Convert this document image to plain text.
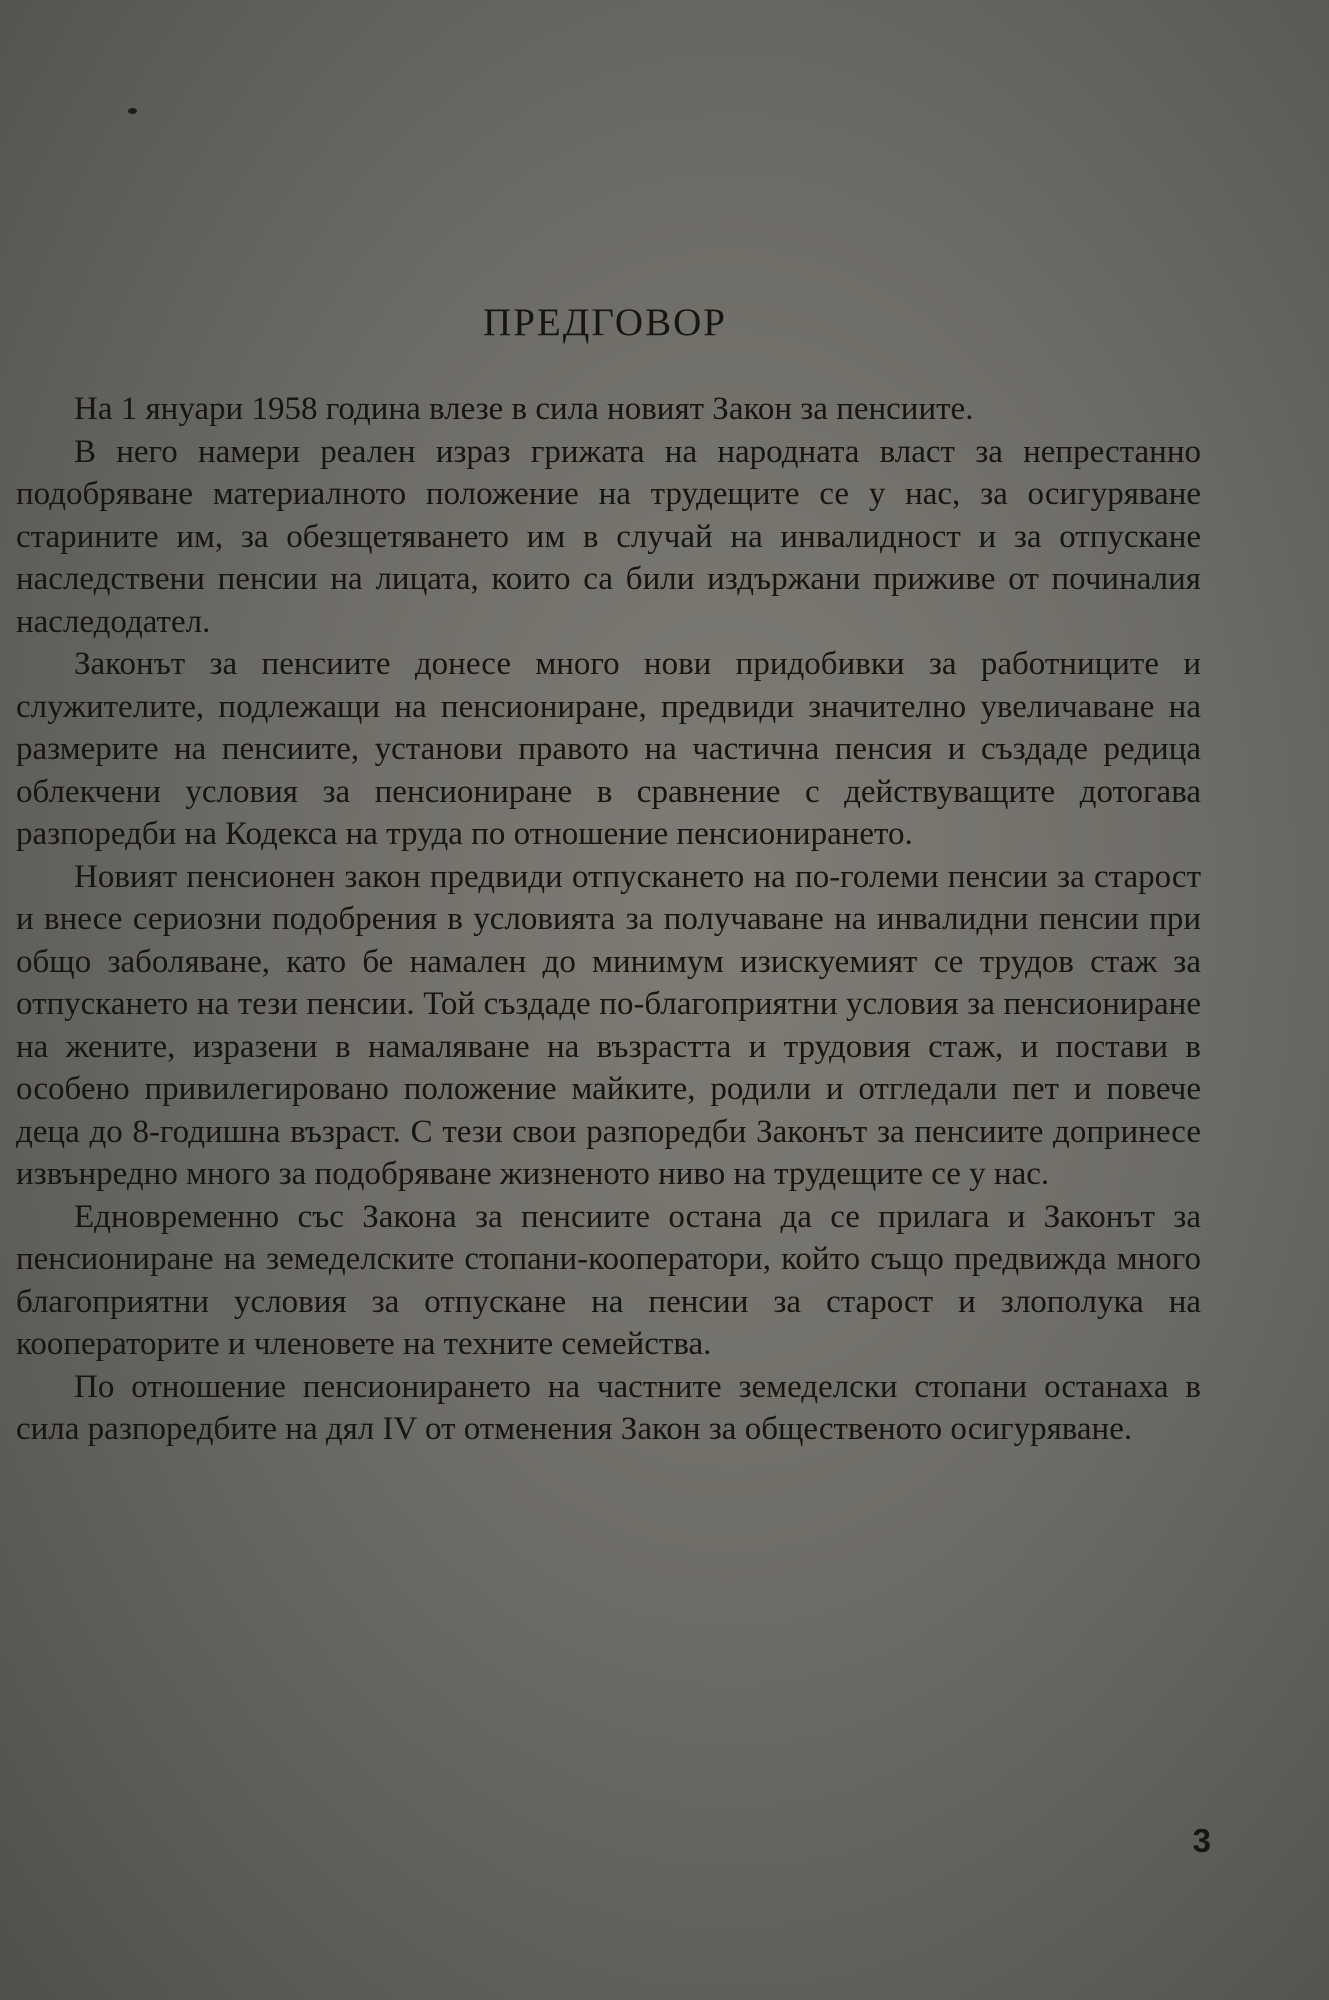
ПРЕДГОВОР

На 1 януари 1958 година влезе в сила новият Закон за пенсиите.

В него намери реален израз грижата на народната власт за непрестанно подобряване материалното положение на трудещите се у нас, за осигуряване старините им, за обезщетяването им в случай на инвалидност и за отпускане наследствени пенсии на лицата, които са били издържани приживе от починалия наследодател.

Законът за пенсиите донесе много нови придобивки за работниците и служителите, подлежащи на пенсиониране, предвиди значително увеличаване на размерите на пенсиите, установи правото на частична пенсия и създаде редица облекчени условия за пенсиониране в сравнение с действуващите дотогава разпоредби на Кодекса на труда по отношение пенсионирането.

Новият пенсионен закон предвиди отпускането на по-големи пенсии за старост и внесе сериозни подобрения в условията за получаване на инвалидни пенсии при общо заболяване, като бе намален до минимум изискуемият се трудов стаж за отпускането на тези пенсии. Той създаде по-благоприятни условия за пенсиониране на жените, изразени в намаляване на възрастта и трудовия стаж, и постави в особено привилегировано положение майките, родили и отгледали пет и повече деца до 8-годишна възраст. С тези свои разпоредби Законът за пенсиите допринесе извънредно много за подобряване жизненото ниво на трудещите се у нас.

Едновременно със Закона за пенсиите остана да се прилага и Законът за пенсиониране на земеделските стопани-кооператори, който също предвижда много благоприятни условия за отпускане на пенсии за старост и злополука на кооператорите и членовете на техните семейства.

По отношение пенсионирането на частните земеделски стопани останаха в сила разпоредбите на дял IV от отменения Закон за общественото осигуряване.

3
